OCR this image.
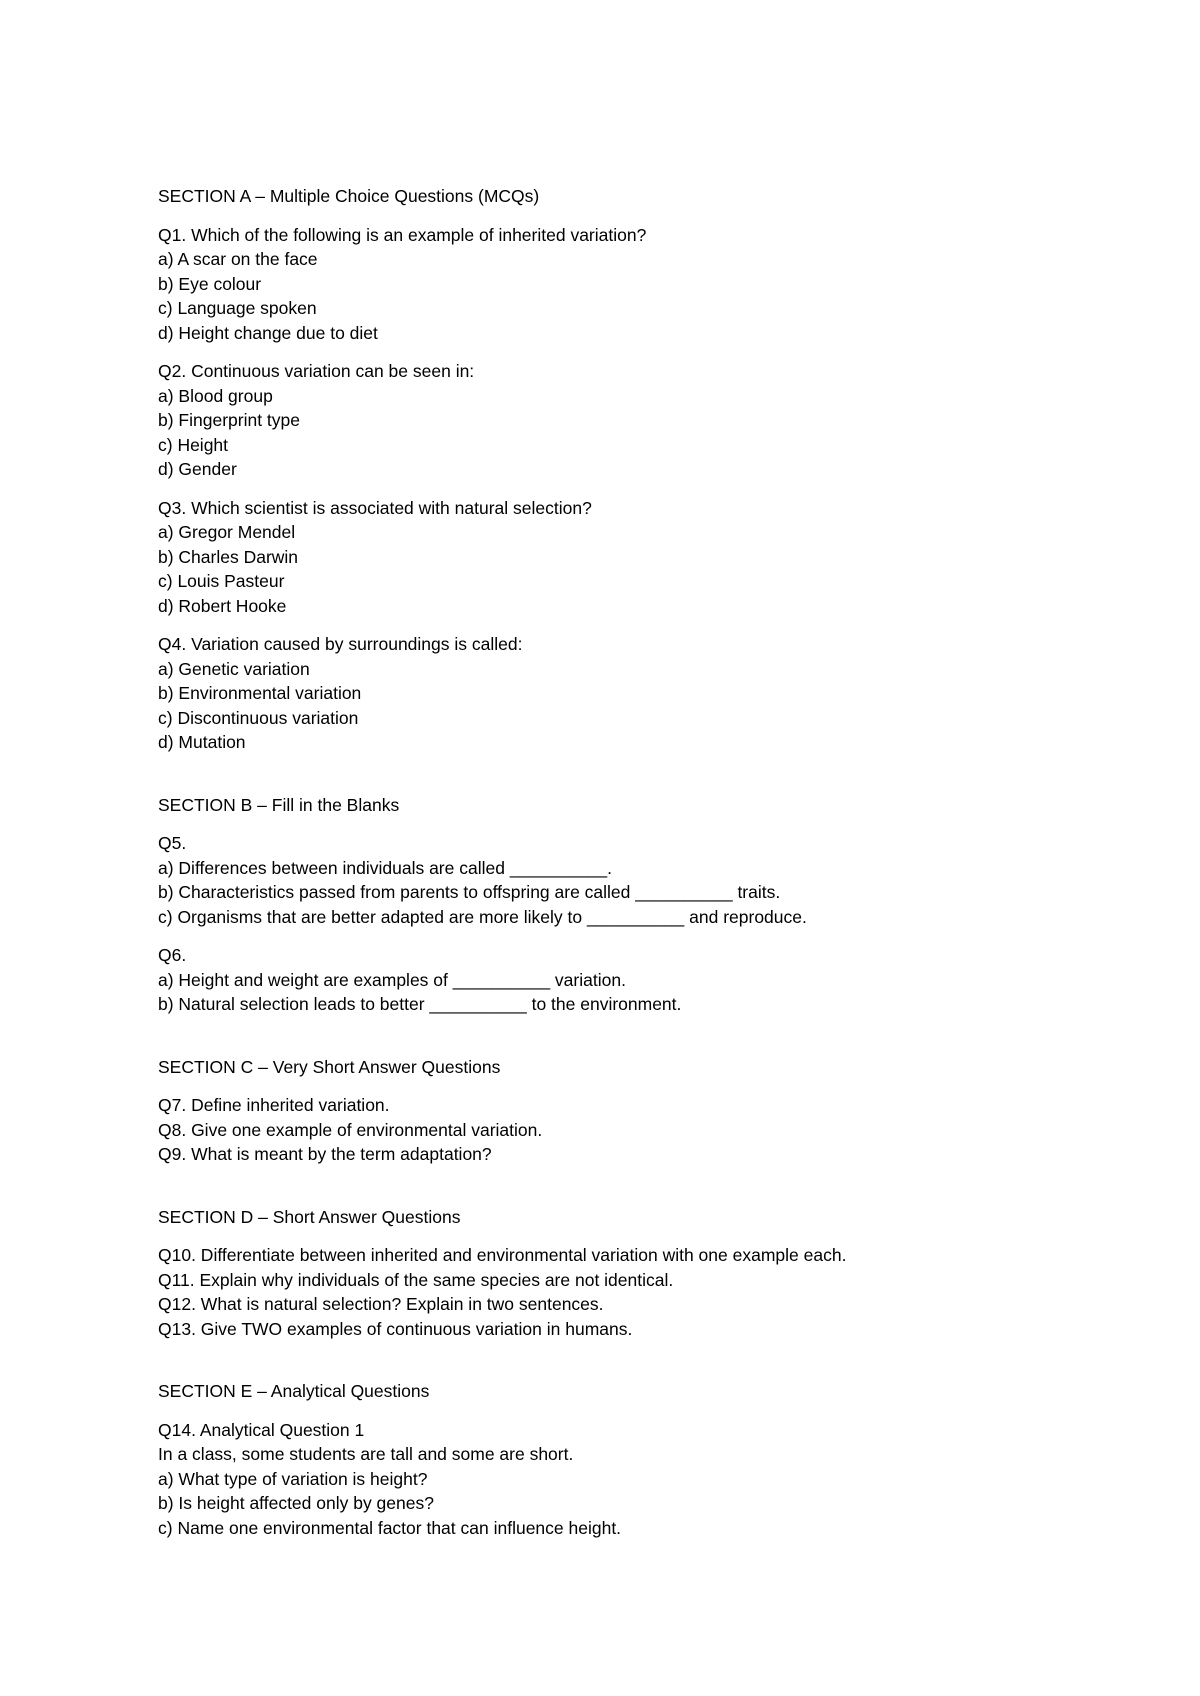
SECTION A – Multiple Choice Questions (MCQs)
Q1. Which of the following is an example of inherited variation?
a) A scar on the face
b) Eye colour
c) Language spoken
d) Height change due to diet
Q2. Continuous variation can be seen in:
a) Blood group
b) Fingerprint type
c) Height
d) Gender
Q3. Which scientist is associated with natural selection?
a) Gregor Mendel
b) Charles Darwin
c) Louis Pasteur
d) Robert Hooke
Q4. Variation caused by surroundings is called:
a) Genetic variation
b) Environmental variation
c) Discontinuous variation
d) Mutation
SECTION B – Fill in the Blanks
Q5.
a) Differences between individuals are called __________.
b) Characteristics passed from parents to offspring are called __________ traits.
c) Organisms that are better adapted are more likely to __________ and reproduce.
Q6.
a) Height and weight are examples of __________ variation.
b) Natural selection leads to better __________ to the environment.
SECTION C – Very Short Answer Questions
Q7. Define inherited variation.
Q8. Give one example of environmental variation.
Q9. What is meant by the term adaptation?
SECTION D – Short Answer Questions
Q10. Differentiate between inherited and environmental variation with one example each.
Q11. Explain why individuals of the same species are not identical.
Q12. What is natural selection? Explain in two sentences.
Q13. Give TWO examples of continuous variation in humans.
SECTION E – Analytical Questions
Q14. Analytical Question 1
In a class, some students are tall and some are short.
a) What type of variation is height?
b) Is height affected only by genes?
c) Name one environmental factor that can influence height.
